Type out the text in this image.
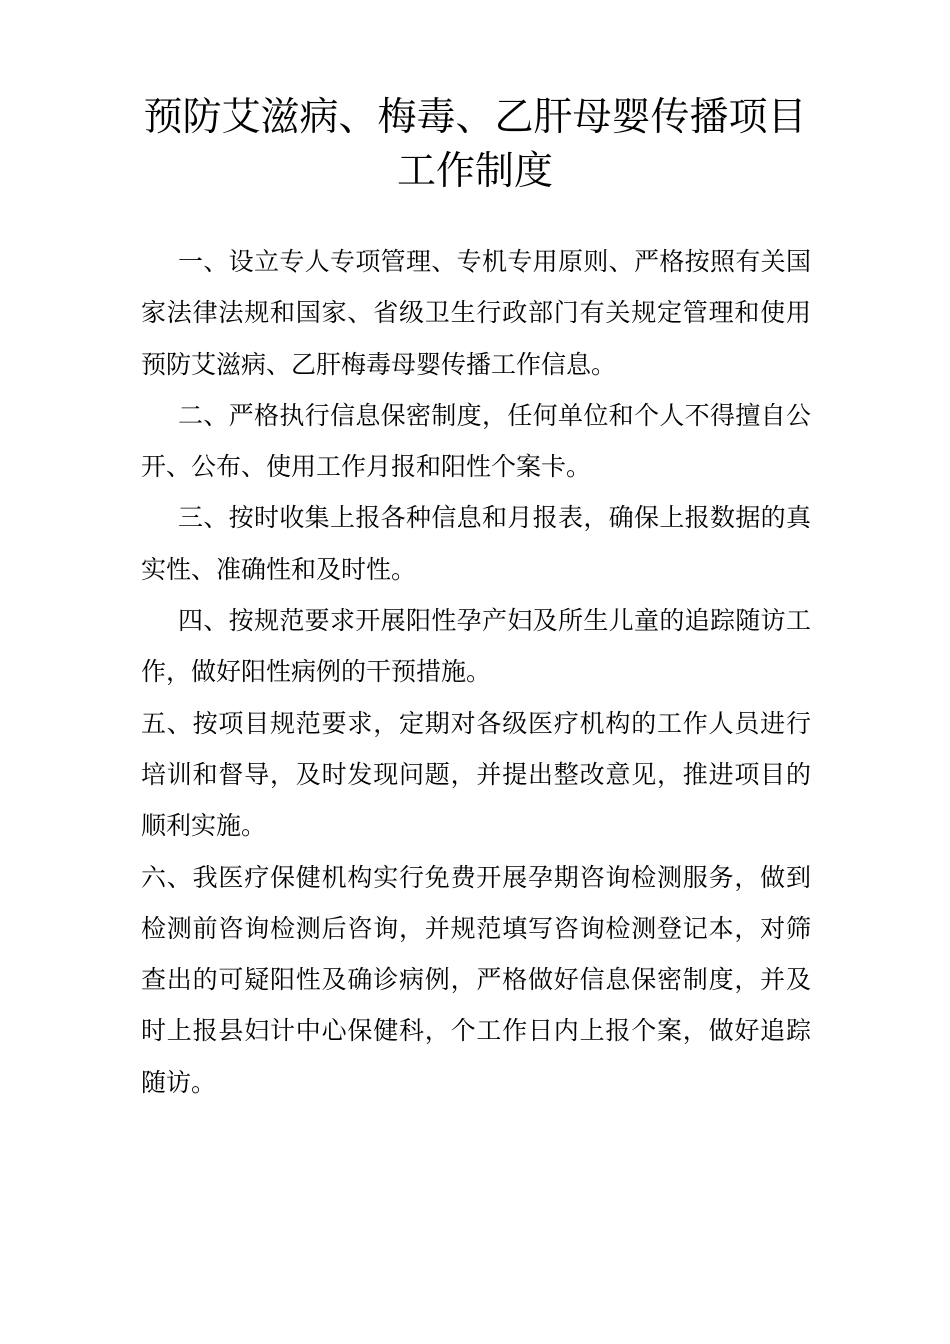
预防艾滋病、梅毒、乙肝母婴传播项目
工作制度

一、设立专人专项管理、专机专用原则、严格按照有关国家法律法规和国家、省级卫生行政部门有关规定管理和使用预防艾滋病、乙肝梅毒母婴传播工作信息。

二、严格执行信息保密制度，任何单位和个人不得擅自公开、公布、使用工作月报和阳性个案卡。

三、按时收集上报各种信息和月报表，确保上报数据的真实性、准确性和及时性。

四、按规范要求开展阳性孕产妇及所生儿童的追踪随访工作，做好阳性病例的干预措施。

五、按项目规范要求，定期对各级医疗机构的工作人员进行培训和督导，及时发现问题，并提出整改意见，推进项目的顺利实施。

六、我医疗保健机构实行免费开展孕期咨询检测服务，做到检测前咨询检测后咨询，并规范填写咨询检测登记本，对筛查出的可疑阳性及确诊病例，严格做好信息保密制度，并及时上报县妇计中心保健科，个工作日内上报个案，做好追踪随访。
